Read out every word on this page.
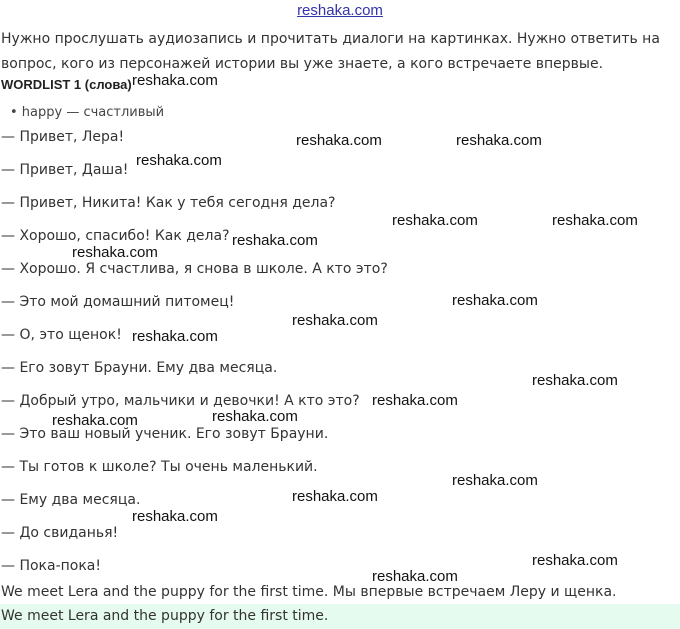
reshaka.com
Нужно прослушать аудиозапись и прочитать диалоги на картинках. Нужно ответить на вопрос, кого из персонажей истории вы уже знаете, а кого встречаете впервые.
WORDLIST 1 (слова)
• happy — счастливый
— Привет, Лера!
— Привет, Даша!
— Привет, Никита! Как у тебя сегодня дела?
— Хорошо, спасибо! Как дела?
— Хорошо. Я счастлива, я снова в школе. А кто это?
— Это мой домашний питомец!
— О, это щенок!
— Его зовут Брауни. Ему два месяца.
— Добрый утро, мальчики и девочки! А кто это?
— Это ваш новый ученик. Его зовут Брауни.
— Ты готов к школе? Ты очень маленький.
— Ему два месяца.
— До свиданья!
— Пока-пока!
We meet Lera and the puppy for the first time. Мы впервые встречаем Леру и щенка.
We meet Lera and the puppy for the first time.
reshaka.com
reshaka.com	reshaka.com
reshaka.com
reshaka.com	reshaka.com
reshaka.com
reshaka.com
reshaka.com
reshaka.com
reshaka.com
reshaka.com
reshaka.com
reshaka.com
reshaka.com
reshaka.com
reshaka.com
reshaka.com
reshaka.com
reshaka.com
